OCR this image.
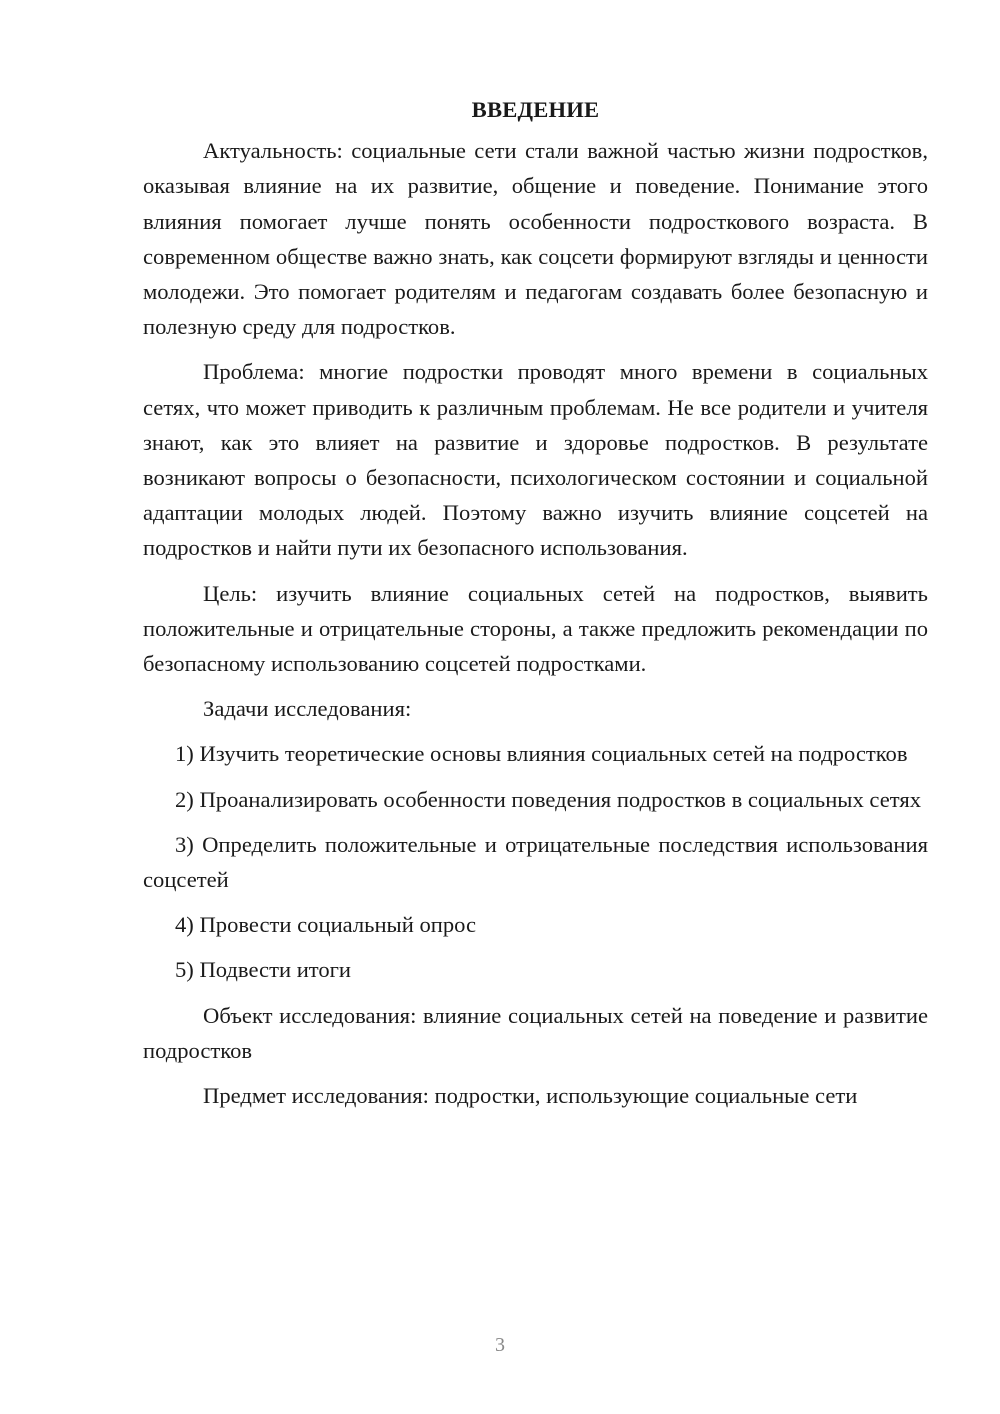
ВВЕДЕНИЕ

Актуальность: социальные сети стали важной частью жизни подростков, оказывая влияние на их развитие, общение и поведение. Понимание этого влияния помогает лучше понять особенности подросткового возраста. В современном обществе важно знать, как соцсети формируют взгляды и ценности молодежи. Это помогает родителям и педагогам создавать более безопасную и полезную среду для подростков.

Проблема: многие подростки проводят много времени в социальных сетях, что может приводить к различным проблемам. Не все родители и учителя знают, как это влияет на развитие и здоровье подростков. В результате возникают вопросы о безопасности, психологическом состоянии и социальной адаптации молодых людей. Поэтому важно изучить влияние соцсетей на подростков и найти пути их безопасного использования.

Цель: изучить влияние социальных сетей на подростков, выявить положительные и отрицательные стороны, а также предложить рекомендации по безопасному использованию соцсетей подростками.

Задачи исследования:

1) Изучить теоретические основы влияния социальных сетей на подростков

2) Проанализировать особенности поведения подростков в социальных сетях

3) Определить положительные и отрицательные последствия использования соцсетей

4) Провести социальный опрос

5) Подвести итоги

Объект исследования: влияние социальных сетей на поведение и развитие подростков

Предмет исследования: подростки, использующие социальные сети

3
